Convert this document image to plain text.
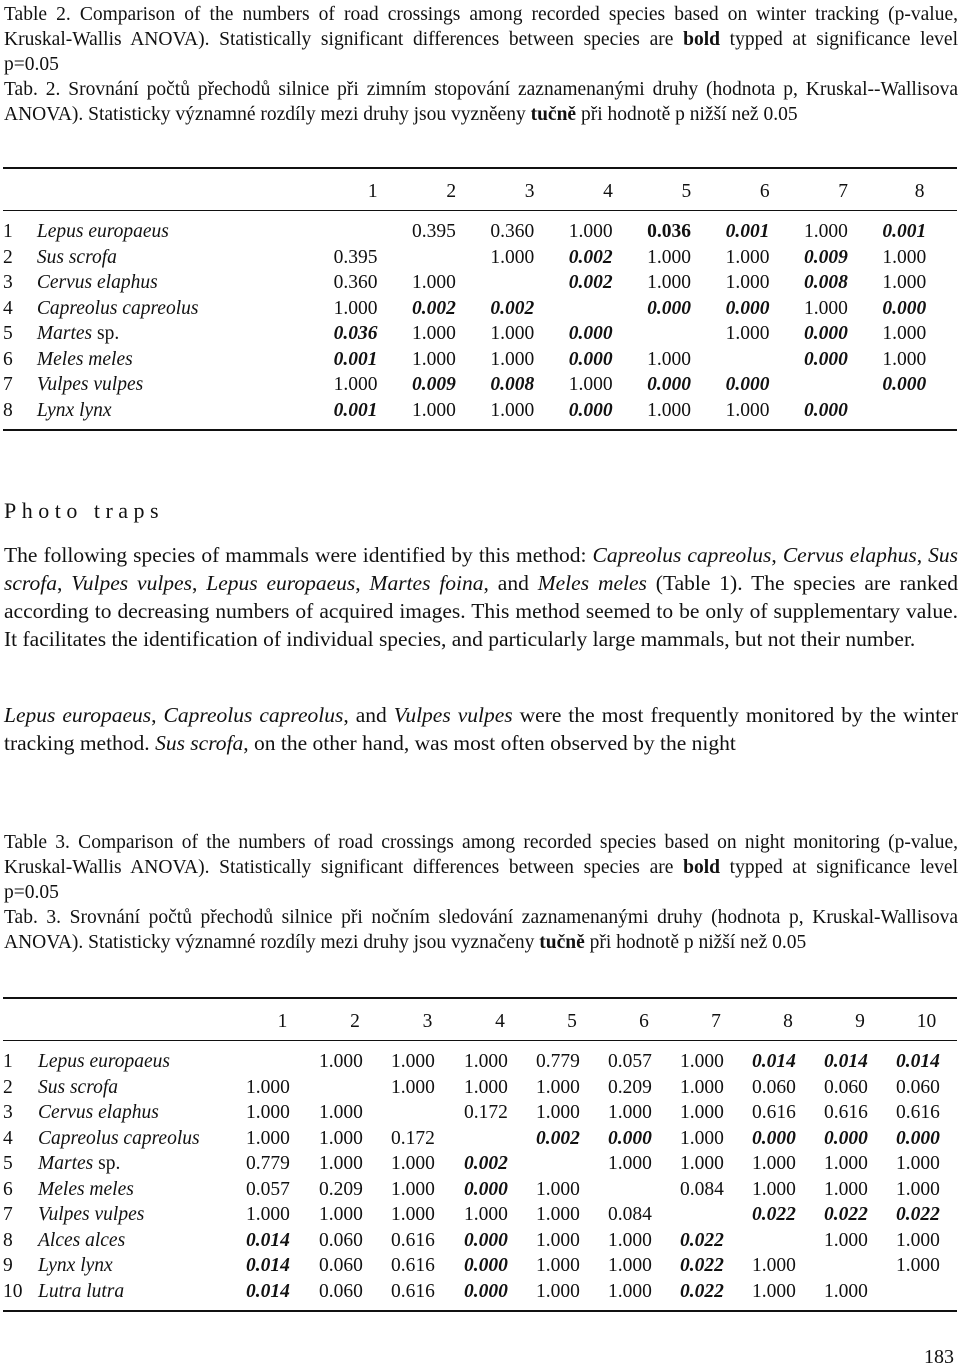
Table 2. Comparison of the numbers of road crossings among recorded species based on winter tracking (p-value, Kruskal-Wallis ANOVA). Statistically significant differences between species are bold typped at significance level p=0.05
Tab. 2. Srovnání počtů přechodů silnice při zimním stopování zaznamenanými druhy (hodnota p, Kruskal--Wallisova ANOVA). Statisticky významné rozdíly mezi druhy jsou vyzněeny tučně při hodnotě p nižší než 0.05
		1	2	3	4	5	6	7	8

1	Lepus europaeus		0.395	0.360	1.000	0.036	0.001	1.000	0.001
2	Sus scrofa	0.395		1.000	0.002	1.000	1.000	0.009	1.000
3	Cervus elaphus	0.360	1.000		0.002	1.000	1.000	0.008	1.000
4	Capreolus capreolus	1.000	0.002	0.002		0.000	0.000	1.000	0.000
5	Martes sp.	0.036	1.000	1.000	0.000		1.000	0.000	1.000
6	Meles meles	0.001	1.000	1.000	0.000	1.000		0.000	1.000
7	Vulpes vulpes	1.000	0.009	0.008	1.000	0.000	0.000		0.000
8	Lynx lynx	0.001	1.000	1.000	0.000	1.000	1.000	0.000	
Photo traps
The following species of mammals were identified by this method: Capreolus capreolus, Cervus elaphus, Sus scrofa, Vulpes vulpes, Lepus europaeus, Martes foina, and Meles meles (Table 1). The species are ranked according to decreasing numbers of acquired images. This method seemed to be only of supplementary value. It facilitates the identification of individual species, and particularly large mammals, but not their number.
Lepus europaeus, Capreolus capreolus, and Vulpes vulpes were the most frequently monitored by the winter tracking method. Sus scrofa, on the other hand, was most often observed by the night
Table 3. Comparison of the numbers of road crossings among recorded species based on night monitoring (p-value, Kruskal-Wallis ANOVA). Statistically significant differences between species are bold typped at significance level p=0.05
Tab. 3. Srovnání počtů přechodů silnice při nočním sledování zaznamenanými druhy (hodnota p, Kruskal-Wallisova ANOVA). Statisticky významné rozdíly mezi druhy jsou vyznačeny tučně při hodnotě p nižší než 0.05
		1	2	3	4	5	6	7	8	9	10

1	Lepus europaeus		1.000	1.000	1.000	0.779	0.057	1.000	0.014	0.014	0.014
2	Sus scrofa	1.000		1.000	1.000	1.000	0.209	1.000	0.060	0.060	0.060
3	Cervus elaphus	1.000	1.000		0.172	1.000	1.000	1.000	0.616	0.616	0.616
4	Capreolus capreolus	1.000	1.000	0.172		0.002	0.000	1.000	0.000	0.000	0.000
5	Martes sp.	0.779	1.000	1.000	0.002		1.000	1.000	1.000	1.000	1.000
6	Meles meles	0.057	0.209	1.000	0.000	1.000		0.084	1.000	1.000	1.000
7	Vulpes vulpes	1.000	1.000	1.000	1.000	1.000	0.084		0.022	0.022	0.022
8	Alces alces	0.014	0.060	0.616	0.000	1.000	1.000	0.022		1.000	1.000
9	Lynx lynx	0.014	0.060	0.616	0.000	1.000	1.000	0.022	1.000		1.000
10	Lutra lutra	0.014	0.060	0.616	0.000	1.000	1.000	0.022	1.000	1.000	
183
